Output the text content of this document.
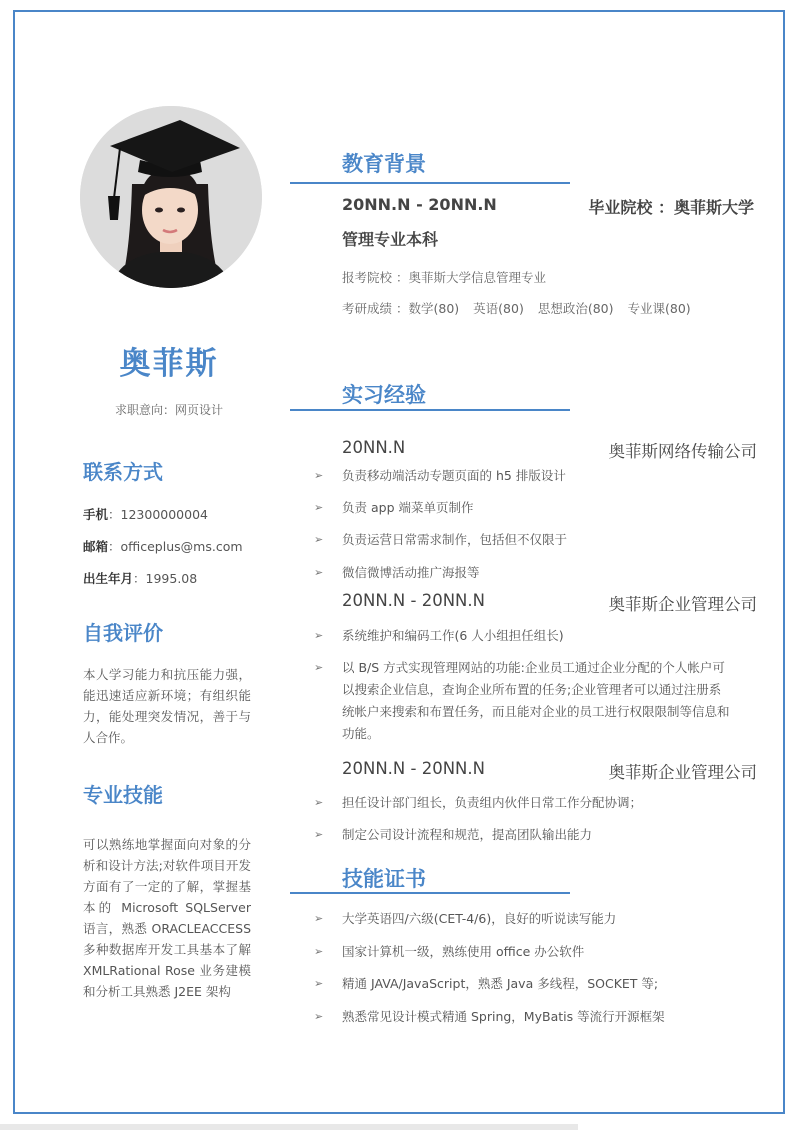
奥菲斯
求职意向：网页设计
联系方式
手机：12300000004
邮箱：officeplus@ms.com
出生年月：1995.08
自我评价
本人学习能力和抗压能力强，能迅速适应新环境；有组织能力，能处理突发情况，善于与人合作。
专业技能
可以熟练地掌握面向对象的分析和设计方法;对软件项目开发方面有了一定的了解，掌握基本的 Microsoft SQLServer 语言，熟悉 ORACLEACCESS 多种数据库开发工具基本了解 XMLRational Rose 业务建模和分析工具熟悉 J2EE 架构
教育背景
20NN.N - 20NN.N	毕业院校 ：奥菲斯大学
管理专业本科
报考院校 ：奥菲斯大学信息管理专业
考研成绩 ：数学(80) 英语(80) 思想政治(80) 专业课(80)
实习经验
20NN.N	奥菲斯网络传输公司
➢	负责移动端活动专题页面的 h5 排版设计
➢	负责 app 端菜单页制作
➢	负责运营日常需求制作，包括但不仅限于
➢	微信微博活动推广海报等
20NN.N - 20NN.N	奥菲斯企业管理公司
➢	系统维护和编码工作(6 人小组担任组长)
➢	以 B/S 方式实现管理网站的功能:企业员工通过企业分配的个人帐户可以搜索企业信息，查询企业所布置的任务;企业管理者可以通过注册系统帐户来搜索和布置任务，而且能对企业的员工进行权限限制等信息和功能。
20NN.N - 20NN.N	奥菲斯企业管理公司
➢	担任设计部门组长，负责组内伙伴日常工作分配协调；
➢	制定公司设计流程和规范，提高团队输出能力
技能证书
➢	大学英语四/六级(CET-4/6)，良好的听说读写能力
➢	国家计算机一级，熟练使用 office 办公软件
➢	精通 JAVA/JavaScript，熟悉 Java 多线程，SOCKET 等;
➢	熟悉常见设计模式精通 Spring，MyBatis 等流行开源框架
